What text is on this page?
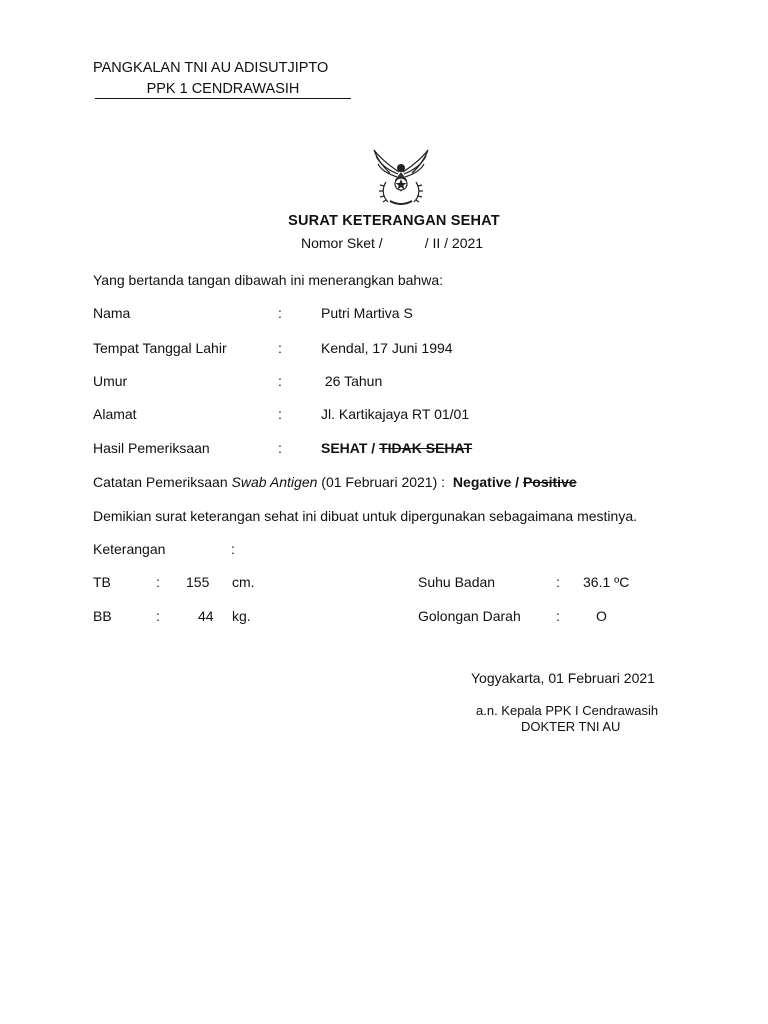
PANGKALAN TNI AU ADISUTJIPTO
PPK 1 CENDRAWASIH
SURAT KETERANGAN SEHAT
Nomor Sket /	/ II / 2021
Yang bertanda tangan dibawah ini menerangkan bahwa:
Nama	:	Putri Martiva S
Tempat Tanggal Lahir	:	Kendal, 17 Juni 1994
Umur	:	26 Tahun
Alamat	:	Jl. Kartikajaya RT 01/01
Hasil Pemeriksaan	:	SEHAT / TIDAK SEHAT
Catatan Pemeriksaan Swab Antigen (01 Februari 2021) : Negative / Positive
Demikian surat keterangan sehat ini dibuat untuk dipergunakan sebagaimana mestinya.
Keterangan	:
TB	: 155 cm.	Suhu Badan	: 36.1 ºC
BB	:	44 kg.	Golongan Darah	:	O
Yogyakarta, 01 Februari 2021
a.n. Kepala PPK I Cendrawasih
DOKTER TNI AU
